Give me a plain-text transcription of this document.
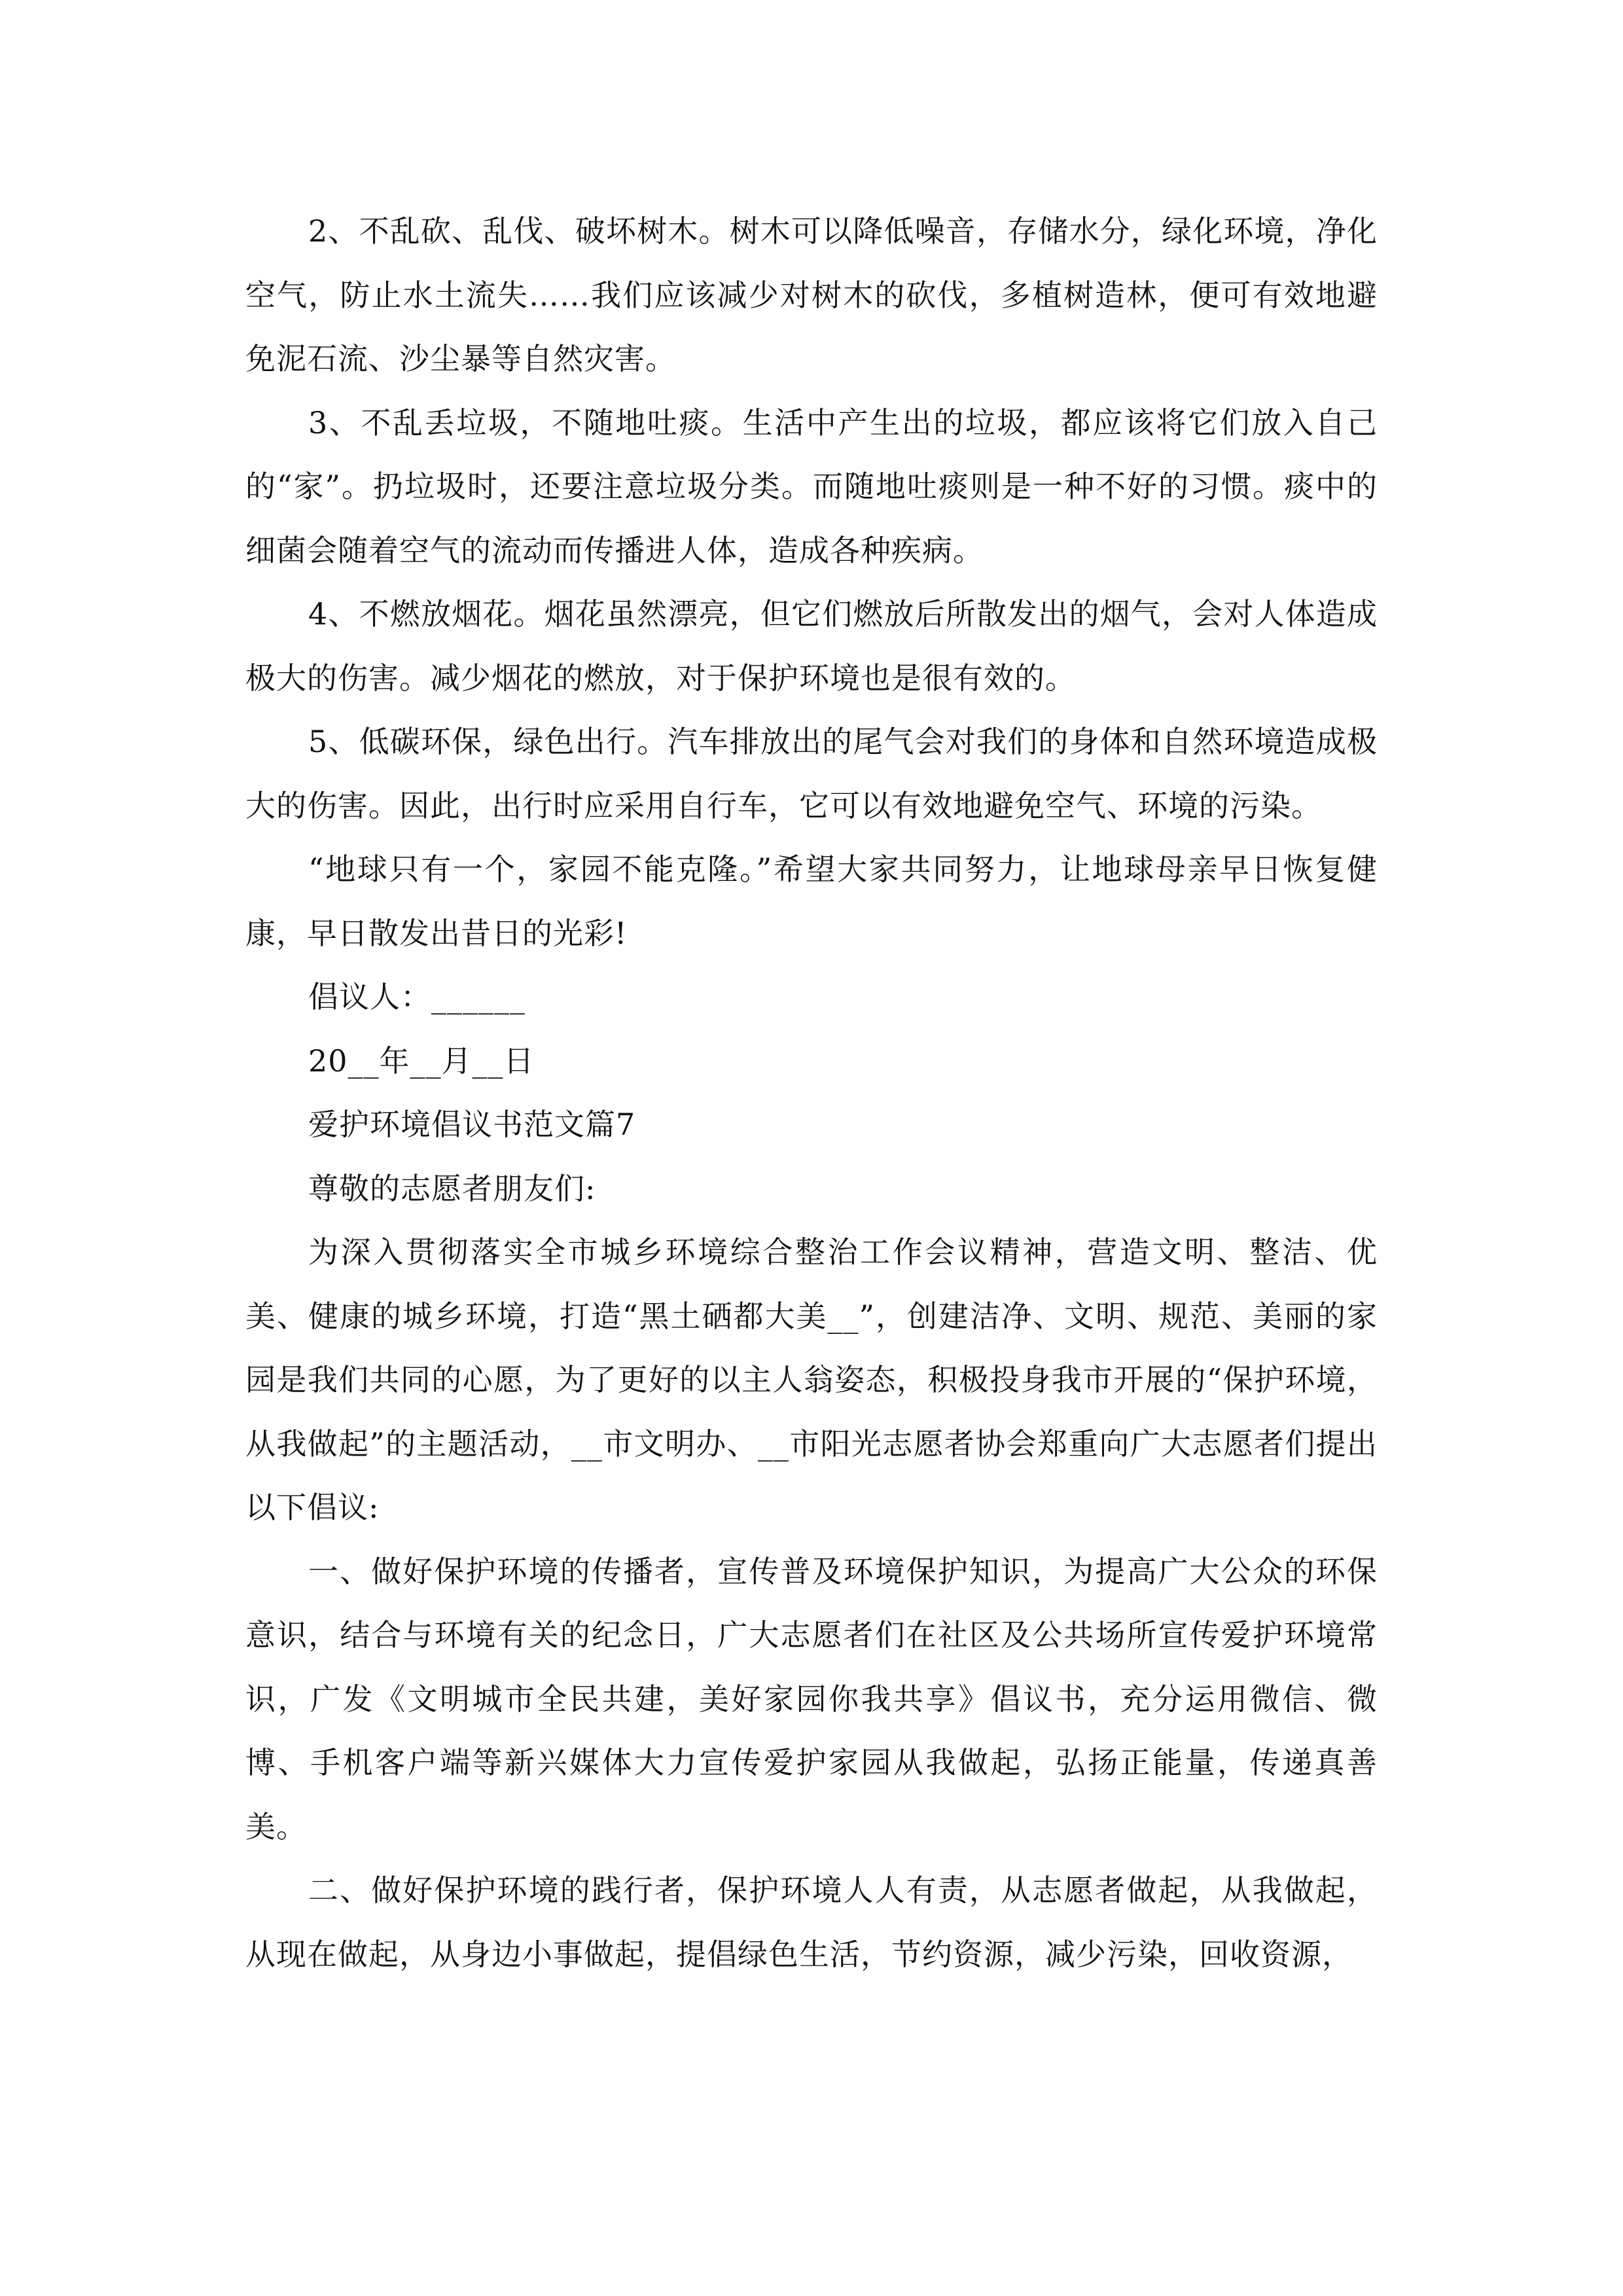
2、不乱砍、乱伐、破坏树木。树木可以降低噪音，存储水分，绿化环境，净化空气，防止水土流失……我们应该减少对树木的砍伐，多植树造林，便可有效地避免泥石流、沙尘暴等自然灾害。

3、不乱丢垃圾，不随地吐痰。生活中产生出的垃圾，都应该将它们放入自己的“家”。扔垃圾时，还要注意垃圾分类。而随地吐痰则是一种不好的习惯。痰中的细菌会随着空气的流动而传播进人体，造成各种疾病。

4、不燃放烟花。烟花虽然漂亮，但它们燃放后所散发出的烟气，会对人体造成极大的伤害。减少烟花的燃放，对于保护环境也是很有效的。

5、低碳环保，绿色出行。汽车排放出的尾气会对我们的身体和自然环境造成极大的伤害。因此，出行时应采用自行车，它可以有效地避免空气、环境的污染。

“地球只有一个，家园不能克隆。”希望大家共同努力，让地球母亲早日恢复健康，早日散发出昔日的光彩!

倡议人：______

20__年__月__日

爱护环境倡议书范文篇7

尊敬的志愿者朋友们:

为深入贯彻落实全市城乡环境综合整治工作会议精神，营造文明、整洁、优美、健康的城乡环境，打造“黑土硒都大美__”，创建洁净、文明、规范、美丽的家园是我们共同的心愿，为了更好的以主人翁姿态，积极投身我市开展的“保护环境，从我做起”的主题活动，__市文明办、__市阳光志愿者协会郑重向广大志愿者们提出以下倡议:

一、做好保护环境的传播者，宣传普及环境保护知识，为提高广大公众的环保意识，结合与环境有关的纪念日，广大志愿者们在社区及公共场所宣传爱护环境常识，广发《文明城市全民共建，美好家园你我共享》倡议书，充分运用微信、微博、手机客户端等新兴媒体大力宣传爱护家园从我做起，弘扬正能量，传递真善美。

二、做好保护环境的践行者，保护环境人人有责，从志愿者做起，从我做起，从现在做起，从身边小事做起，提倡绿色生活，节约资源，减少污染，回收资源，
